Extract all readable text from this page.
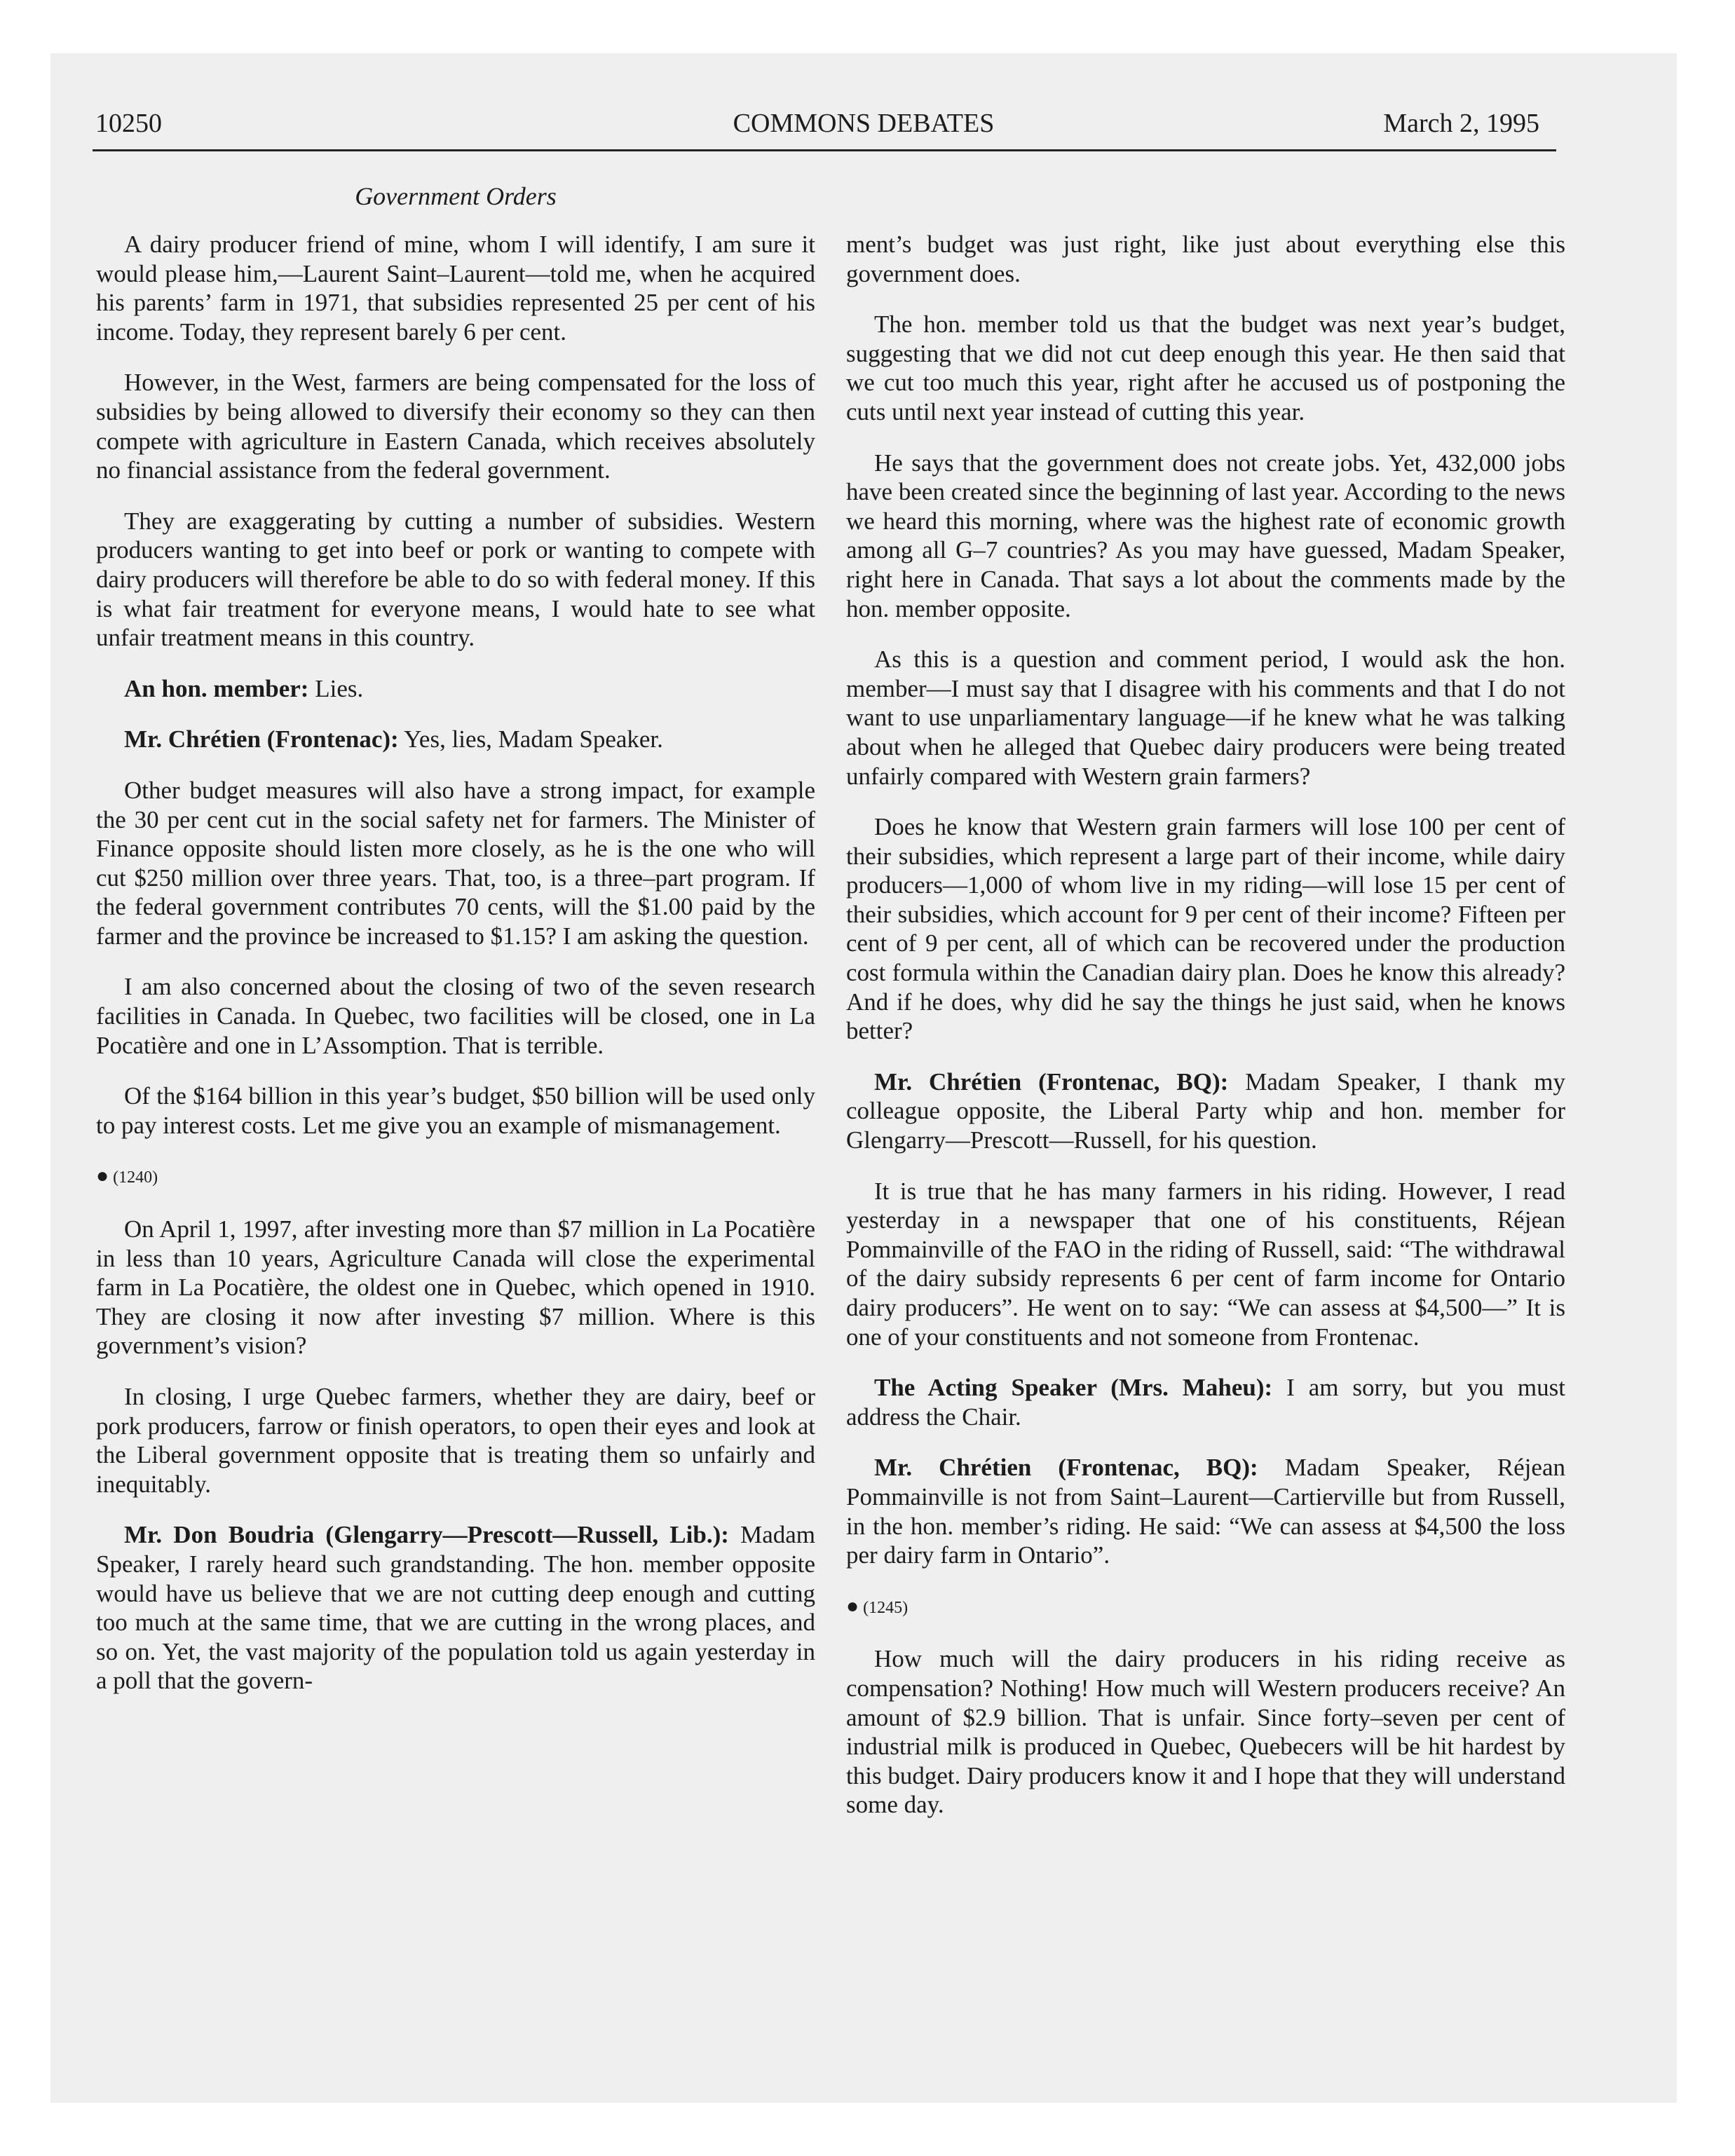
10250	COMMONS DEBATES	March 2, 1995
Government Orders

A dairy producer friend of mine, whom I will identify, I am sure it would please him,—Laurent Saint–Laurent—told me, when he acquired his parents’ farm in 1971, that subsidies represented 25 per cent of his income. Today, they represent barely 6 per cent.

However, in the West, farmers are being compensated for the loss of subsidies by being allowed to diversify their economy so they can then compete with agriculture in Eastern Canada, which receives absolutely no financial assistance from the federal government.

They are exaggerating by cutting a number of subsidies. Western producers wanting to get into beef or pork or wanting to compete with dairy producers will therefore be able to do so with federal money. If this is what fair treatment for everyone means, I would hate to see what unfair treatment means in this country.

An hon. member: Lies.

Mr. Chrétien (Frontenac): Yes, lies, Madam Speaker.

Other budget measures will also have a strong impact, for example the 30 per cent cut in the social safety net for farmers. The Minister of Finance opposite should listen more closely, as he is the one who will cut $250 million over three years. That, too, is a three–part program. If the federal government contributes 70 cents, will the $1.00 paid by the farmer and the province be increased to $1.15? I am asking the question.

I am also concerned about the closing of two of the seven research facilities in Canada. In Quebec, two facilities will be closed, one in La Pocatière and one in L’Assomption. That is terrible.

Of the $164 billion in this year’s budget, $50 billion will be used only to pay interest costs. Let me give you an example of mismanagement.

● (1240)

On April 1, 1997, after investing more than $7 million in La Pocatière in less than 10 years, Agriculture Canada will close the experimental farm in La Pocatière, the oldest one in Quebec, which opened in 1910. They are closing it now after investing $7 million. Where is this government’s vision?

In closing, I urge Quebec farmers, whether they are dairy, beef or pork producers, farrow or finish operators, to open their eyes and look at the Liberal government opposite that is treating them so unfairly and inequitably.

Mr. Don Boudria (Glengarry—Prescott—Russell, Lib.): Madam Speaker, I rarely heard such grandstanding. The hon. member opposite would have us believe that we are not cutting deep enough and cutting too much at the same time, that we are cutting in the wrong places, and so on. Yet, the vast majority of the population told us again yesterday in a poll that the govern-

ment’s budget was just right, like just about everything else this government does.

The hon. member told us that the budget was next year’s budget, suggesting that we did not cut deep enough this year. He then said that we cut too much this year, right after he accused us of postponing the cuts until next year instead of cutting this year.

He says that the government does not create jobs. Yet, 432,000 jobs have been created since the beginning of last year. According to the news we heard this morning, where was the highest rate of economic growth among all G–7 countries? As you may have guessed, Madam Speaker, right here in Canada. That says a lot about the comments made by the hon. member opposite.

As this is a question and comment period, I would ask the hon. member—I must say that I disagree with his comments and that I do not want to use unparliamentary language—if he knew what he was talking about when he alleged that Quebec dairy producers were being treated unfairly compared with Western grain farmers?

Does he know that Western grain farmers will lose 100 per cent of their subsidies, which represent a large part of their income, while dairy producers—1,000 of whom live in my riding—will lose 15 per cent of their subsidies, which account for 9 per cent of their income? Fifteen per cent of 9 per cent, all of which can be recovered under the production cost formula within the Canadian dairy plan. Does he know this already? And if he does, why did he say the things he just said, when he knows better?

Mr. Chrétien (Frontenac, BQ): Madam Speaker, I thank my colleague opposite, the Liberal Party whip and hon. member for Glengarry—Prescott—Russell, for his question.

It is true that he has many farmers in his riding. However, I read yesterday in a newspaper that one of his constituents, Réjean Pommainville of the FAO in the riding of Russell, said: “The withdrawal of the dairy subsidy represents 6 per cent of farm income for Ontario dairy producers”. He went on to say: “We can assess at $4,500—” It is one of your constituents and not someone from Frontenac.

The Acting Speaker (Mrs. Maheu): I am sorry, but you must address the Chair.

Mr. Chrétien (Frontenac, BQ): Madam Speaker, Réjean Pommainville is not from Saint–Laurent—Cartierville but from Russell, in the hon. member’s riding. He said: “We can assess at $4,500 the loss per dairy farm in Ontario”.

● (1245)

How much will the dairy producers in his riding receive as compensation? Nothing! How much will Western producers receive? An amount of $2.9 billion. That is unfair. Since forty–seven per cent of industrial milk is produced in Quebec, Quebecers will be hit hardest by this budget. Dairy producers know it and I hope that they will understand some day.
